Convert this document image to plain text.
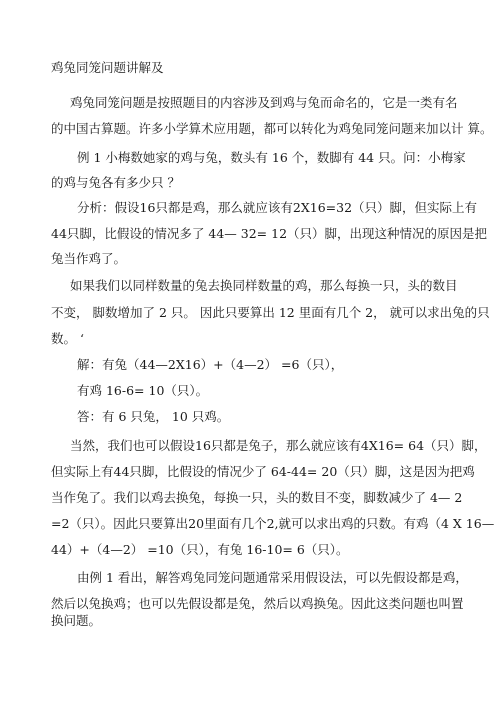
鸡兔同笼问题讲解及
鸡兔同笼问题是按照题目的内容涉及到鸡与兔而命名的，它是一类有名
的中国古算题。许多小学算术应用题，都可以转化为鸡兔同笼问题来加以计 算。
例 1 小梅数她家的鸡与兔，数头有 16 个，数脚有 44 只。问：小梅家
的鸡与兔各有多少只 ？
分析：假设16只都是鸡，那么就应该有2X16=32（只）脚，但实际上有
44只脚，比假设的情况多了 44— 32= 12（只）脚，出现这种情况的原因是把
兔当作鸡了。
如果我们以同样数量的兔去换同样数量的鸡，那么每换一只，头的数目
不变， 脚数增加了 2 只。 因此只要算出 12 里面有几个 2， 就可以求出兔的只
数。 ‘
解：有兔（44—2X16）+（4—2） =6（只），
有鸡 16-6= 10（只）。
答：有 6 只兔， 10 只鸡。
当然，我们也可以假设16只都是兔子，那么就应该有4X16= 64（只）脚，
但实际上有44只脚，比假设的情况少了 64-44= 20（只）脚，这是因为把鸡
当作兔了。我们以鸡去换兔，每换一只，头的数目不变，脚数减少了 4— 2
=2（只）。因此只要算出20里面有几个2,就可以求出鸡的只数。有鸡（4 X 16—
44）+（4—2） =10（只），有兔 16-10= 6（只）。
由例 1 看出，解答鸡兔同笼问题通常采用假设法，可以先假设都是鸡，
然后以兔换鸡；也可以先假设都是兔，然后以鸡换兔。因此这类问题也叫置
换问题。
